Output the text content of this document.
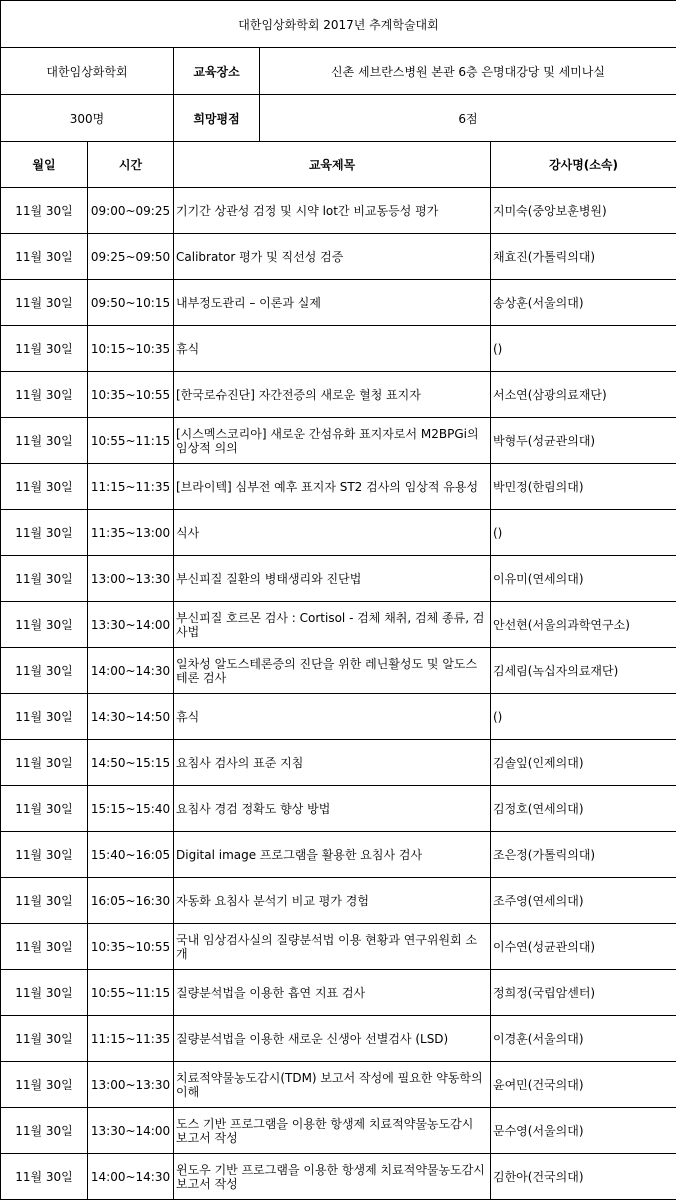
대한임상화학회 2017년 추계학술대회				
대한임상화학회		교육장소	신촌 세브란스병원 본관 6층 은명대강당 및 세미나실	
300명		희망평점	6점	
월일	시간	교육제목		강사명(소속)
11월 30일	09:00~09:25	기기간 상관성 검정 및 시약 lot간 비교동등성 평가		지미숙(중앙보훈병원)
11월 30일	09:25~09:50	Calibrator 평가 및 직선성 검증		채효진(가톨릭의대)
11월 30일	09:50~10:15	내부정도관리 – 이론과 실제		송상훈(서울의대)
11월 30일	10:15~10:35	휴식		()
11월 30일	10:35~10:55	[한국로슈진단] 자간전증의 새로운 혈청 표지자		서소연(삼광의료재단)
11월 30일	10:55~11:15	[시스멕스코리아] 새로운 간섬유화 표지자로서 M2BPGi의 임상적 의의		박형두(성균관의대)
11월 30일	11:15~11:35	[브라이텍] 심부전 예후 표지자 ST2 검사의 임상적 유용성		박민정(한림의대)
11월 30일	11:35~13:00	식사		()
11월 30일	13:00~13:30	부신피질 질환의 병태생리와 진단법		이유미(연세의대)
11월 30일	13:30~14:00	부신피질 호르몬 검사 : Cortisol - 검체 채취, 검체 종류, 검사법		안선현(서울의과학연구소)
11월 30일	14:00~14:30	일차성 알도스테론증의 진단을 위한 레닌활성도 및 알도스테론 검사		김세림(녹십자의료재단)
11월 30일	14:30~14:50	휴식		()
11월 30일	14:50~15:15	요침사 검사의 표준 지침		김솔잎(인제의대)
11월 30일	15:15~15:40	요침사 경검 정확도 향상 방법		김정호(연세의대)
11월 30일	15:40~16:05	Digital image 프로그램을 활용한 요침사 검사		조은정(가톨릭의대)
11월 30일	16:05~16:30	자동화 요침사 분석기 비교 평가 경험		조주영(연세의대)
11월 30일	10:35~10:55	국내 임상검사실의 질량분석법 이용 현황과 연구위원회 소개		이수연(성균관의대)
11월 30일	10:55~11:15	질량분석법을 이용한 흡연 지표 검사		정희정(국립암센터)
11월 30일	11:15~11:35	질량분석법을 이용한 새로운 신생아 선별검사 (LSD)		이경훈(서울의대)
11월 30일	13:00~13:30	치료적약물농도감시(TDM) 보고서 작성에 필요한 약동학의 이해		윤여민(건국의대)
11월 30일	13:30~14:00	도스 기반 프로그램을 이용한 항생제 치료적약물농도감시 보고서 작성		문수영(서울의대)
11월 30일	14:00~14:30	윈도우 기반 프로그램을 이용한 항생제 치료적약물농도감시 보고서 작성		김한아(건국의대)
